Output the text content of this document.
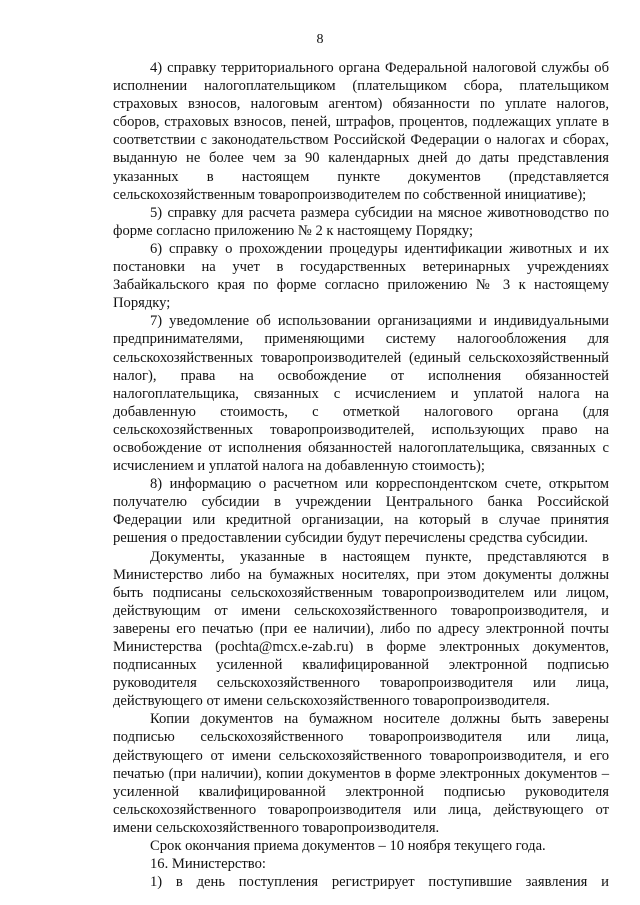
8

4) справку территориального органа Федеральной налоговой службы об исполнении налогоплательщиком (плательщиком сбора, плательщиком страховых взносов, налоговым агентом) обязанности по уплате налогов, сборов, страховых взносов, пеней, штрафов, процентов, подлежащих уплате в соответствии с законодательством Российской Федерации о налогах и сборах, выданную не более чем за 90 календарных дней до даты представления указанных в настоящем пункте документов (представляется сельскохозяйственным товаропроизводителем по собственной инициативе);

5) справку для расчета размера субсидии на мясное животноводство по форме согласно приложению № 2 к настоящему Порядку;

6) справку о прохождении процедуры идентификации животных и их постановки на учет в государственных ветеринарных учреждениях Забайкальского края по форме согласно приложению № 3 к настоящему Порядку;

7) уведомление об использовании организациями и индивидуальными предпринимателями, применяющими систему налогообложения для сельскохозяйственных товаропроизводителей (единый сельскохозяйственный налог), права на освобождение от исполнения обязанностей налогоплательщика, связанных с исчислением и уплатой налога на добавленную стоимость, с отметкой налогового органа (для сельскохозяйственных товаропроизводителей, использующих право на освобождение от исполнения обязанностей налогоплательщика, связанных с исчислением и уплатой налога на добавленную стоимость);

8) информацию о расчетном или корреспондентском счете, открытом получателю субсидии в учреждении Центрального банка Российской Федерации или кредитной организации, на который в случае принятия решения о предоставлении субсидии будут перечислены средства субсидии.

Документы, указанные в настоящем пункте, представляются в Министерство либо на бумажных носителях, при этом документы должны быть подписаны сельскохозяйственным товаропроизводителем или лицом, действующим от имени сельскохозяйственного товаропроизводителя, и заверены его печатью (при ее наличии), либо по адресу электронной почты Министерства (pochta@mcx.e-zab.ru) в форме электронных документов, подписанных усиленной квалифицированной электронной подписью руководителя сельскохозяйственного товаропроизводителя или лица, действующего от имени сельскохозяйственного товаропроизводителя.

Копии документов на бумажном носителе должны быть заверены подписью сельскохозяйственного товаропроизводителя или лица, действующего от имени сельскохозяйственного товаропроизводителя, и его печатью (при наличии), копии документов в форме электронных документов – усиленной квалифицированной электронной подписью руководителя сельскохозяйственного товаропроизводителя или лица, действующего от имени сельскохозяйственного товаропроизводителя.

Срок окончания приема документов – 10 ноября текущего года.

16. Министерство:

1) в день поступления регистрирует поступившие заявления и
